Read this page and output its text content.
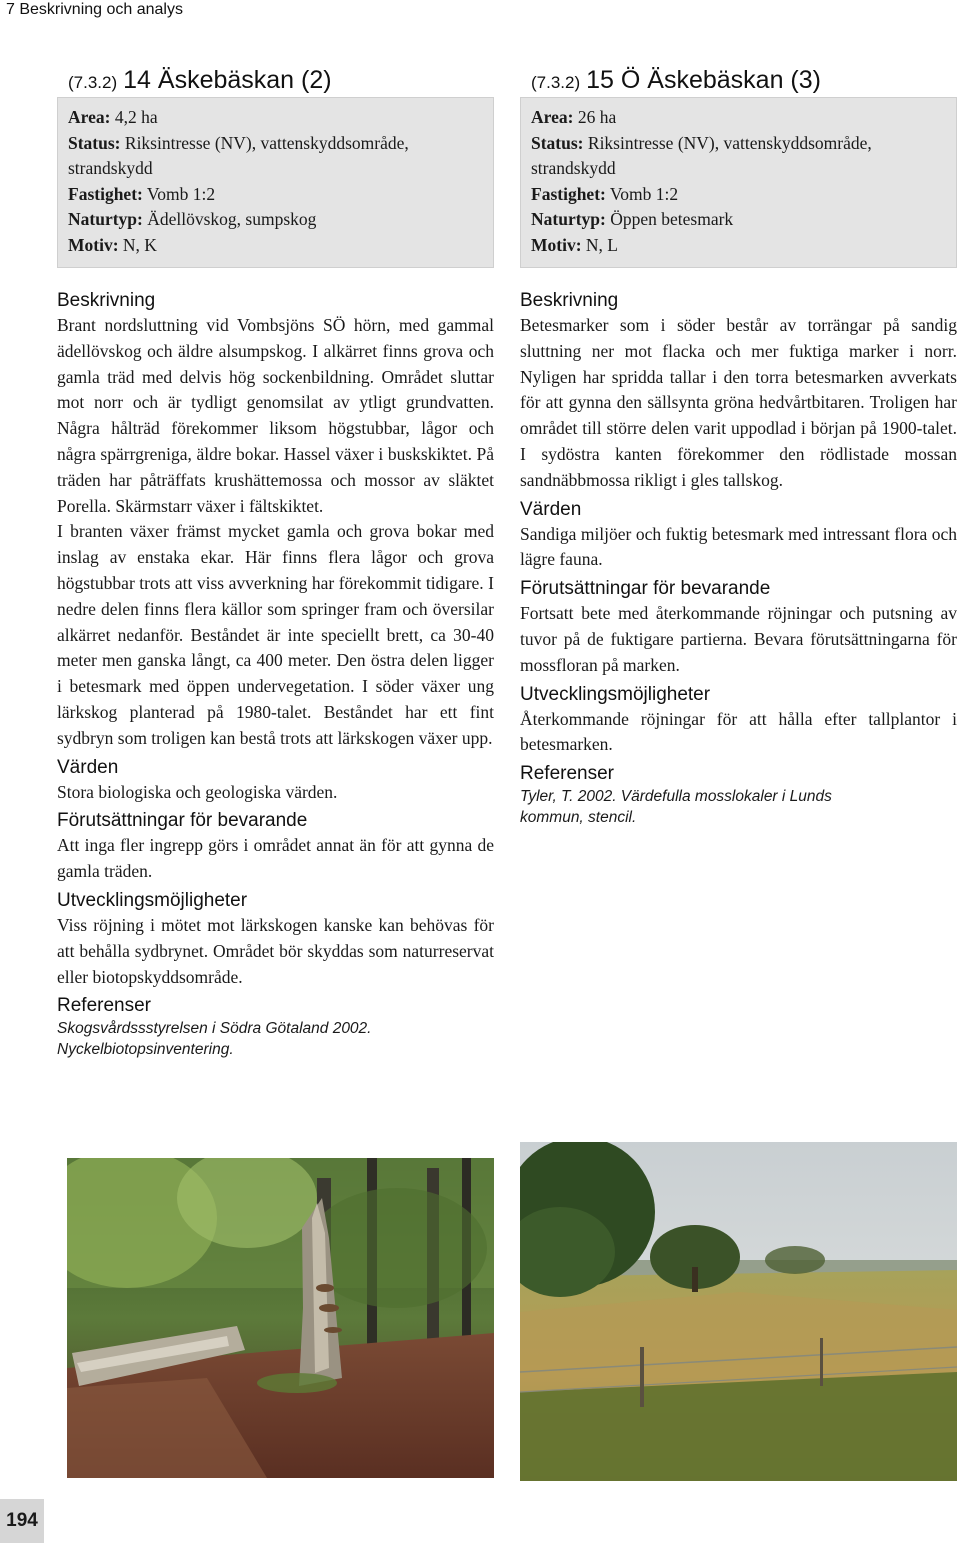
7 Beskrivning och analys
(7.3.2) 14 Äskebäskan (2)
Area: 4,2 ha
Status: Riksintresse (NV), vattenskyddsområde,
strandskydd
Fastighet: Vomb 1:2
Naturtyp: Ädellövskog, sumpskog
Motiv: N, K
Beskrivning

Brant nordsluttning vid Vombsjöns SÖ hörn, med gammal ädellövskog och äldre alsumpskog. I alkärret finns grova och gamla träd med delvis hög sockenbildning. Området sluttar mot norr och är tydligt genomsilat av ytligt grundvatten. Några hålträd förekommer liksom högstubbar, lågor och några spärrgreniga, äldre bokar. Hassel växer i buskskiktet. På träden har påträffats krushättemossa och mossor av släktet Porella. Skärmstarr växer i fältskiktet.

I branten växer främst mycket gamla och grova bokar med inslag av enstaka ekar. Här finns flera lågor och grova högstubbar trots att viss avverkning har förekommit tidigare. I nedre delen finns flera källor som springer fram och översilar alkärret nedanför. Beståndet är inte speciellt brett, ca 30-40 meter men ganska långt, ca 400 meter. Den östra delen ligger i betesmark med öppen undervegetation. I söder växer ung lärkskog planterad på 1980-talet. Beståndet har ett fint sydbryn som troligen kan bestå trots att lärkskogen växer upp.

Värden

Stora biologiska och geologiska värden.

Förutsättningar för bevarande

Att inga fler ingrepp görs i området annat än för att gynna de gamla träden.

Utvecklingsmöjligheter

Viss röjning i mötet mot lärkskogen kanske kan behövas för att behålla sydbrynet. Området bör skyddas som naturreservat eller biotopskyddsområde.

Referenser

Skogsvårdssstyrelsen i Södra Götaland 2002.

Nyckelbiotopsinventering.

(7.3.2) 15 Ö Äskebäskan (3)
Area: 26 ha
Status: Riksintresse (NV), vattenskyddsområde,
strandskydd
Fastighet: Vomb 1:2
Naturtyp: Öppen betesmark
Motiv: N, L
Beskrivning

Betesmarker som i söder består av torrängar på sandig sluttning ner mot flacka och mer fuktiga marker i norr. Nyligen har spridda tallar i den torra betesmarken avverkats för att gynna den sällsynta gröna hedvårtbitaren. Troligen har området till större delen varit uppodlad i början på 1900-talet. I sydöstra kanten förekommer den rödlistade mossan sandnäbbmossa rikligt i gles tallskog.

Värden

Sandiga miljöer och fuktig betesmark med intressant flora och lägre fauna.

Förutsättningar för bevarande

Fortsatt bete med återkommande röjningar och putsning av tuvor på de fuktigare partierna. Bevara förutsättningarna för mossfloran på marken.

Utvecklingsmöjligheter

Återkommande röjningar för att hålla efter tallplantor i betesmarken.

Referenser

Tyler, T. 2002. Värdefulla mosslokaler i Lunds

kommun, stencil.

194
